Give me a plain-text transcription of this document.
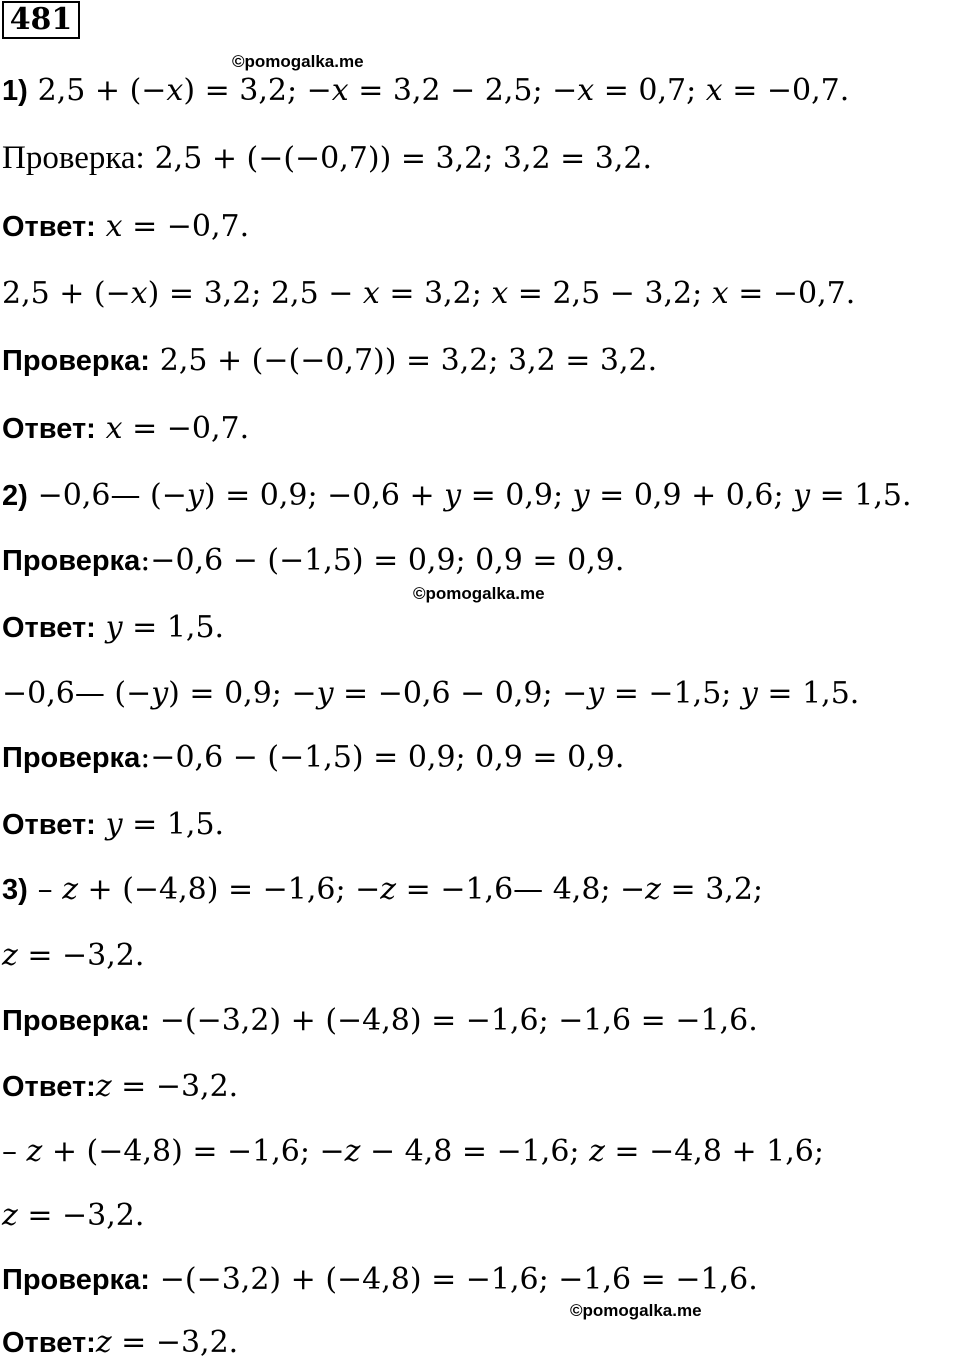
481
©pomogalka.me
©pomogalka.me
©pomogalka.me
1) 2,5 + (−𝑥) = 3,2; −𝑥 = 3,2 − 2,5; −𝑥 = 0,7; 𝑥 = −0,7.
Проверка: 2,5 + (−(−0,7)) = 3,2; 3,2 = 3,2.
Ответ: 𝑥 = −0,7.
2,5 + (−𝑥) = 3,2; 2,5 − 𝑥 = 3,2; 𝑥 = 2,5 − 3,2; 𝑥 = −0,7.
Проверка: 2,5 + (−(−0,7)) = 3,2; 3,2 = 3,2.
Ответ: 𝑥 = −0,7.
2) −0,6— (−𝑦) = 0,9; −0,6 + 𝑦 = 0,9; 𝑦 = 0,9 + 0,6; 𝑦 = 1,5.
Проверка:−0,6 − (−1,5) = 0,9; 0,9 = 0,9.
Ответ: 𝑦 = 1,5.
−0,6— (−𝑦) = 0,9; −𝑦 = −0,6 − 0,9; −𝑦 = −1,5; 𝑦 = 1,5.
Проверка:−0,6 − (−1,5) = 0,9; 0,9 = 0,9.
Ответ: 𝑦 = 1,5.
3) – 𝑧 + (−4,8) = −1,6; −𝑧 = −1,6— 4,8; −𝑧 = 3,2;
𝑧 = −3,2.
Проверка: −(−3,2) + (−4,8) = −1,6; −1,6 = −1,6.
Ответ:𝑧 = −3,2.
– 𝑧 + (−4,8) = −1,6; −𝑧 − 4,8 = −1,6; 𝑧 = −4,8 + 1,6;
𝑧 = −3,2.
Проверка: −(−3,2) + (−4,8) = −1,6; −1,6 = −1,6.
Ответ:𝑧 = −3,2.
